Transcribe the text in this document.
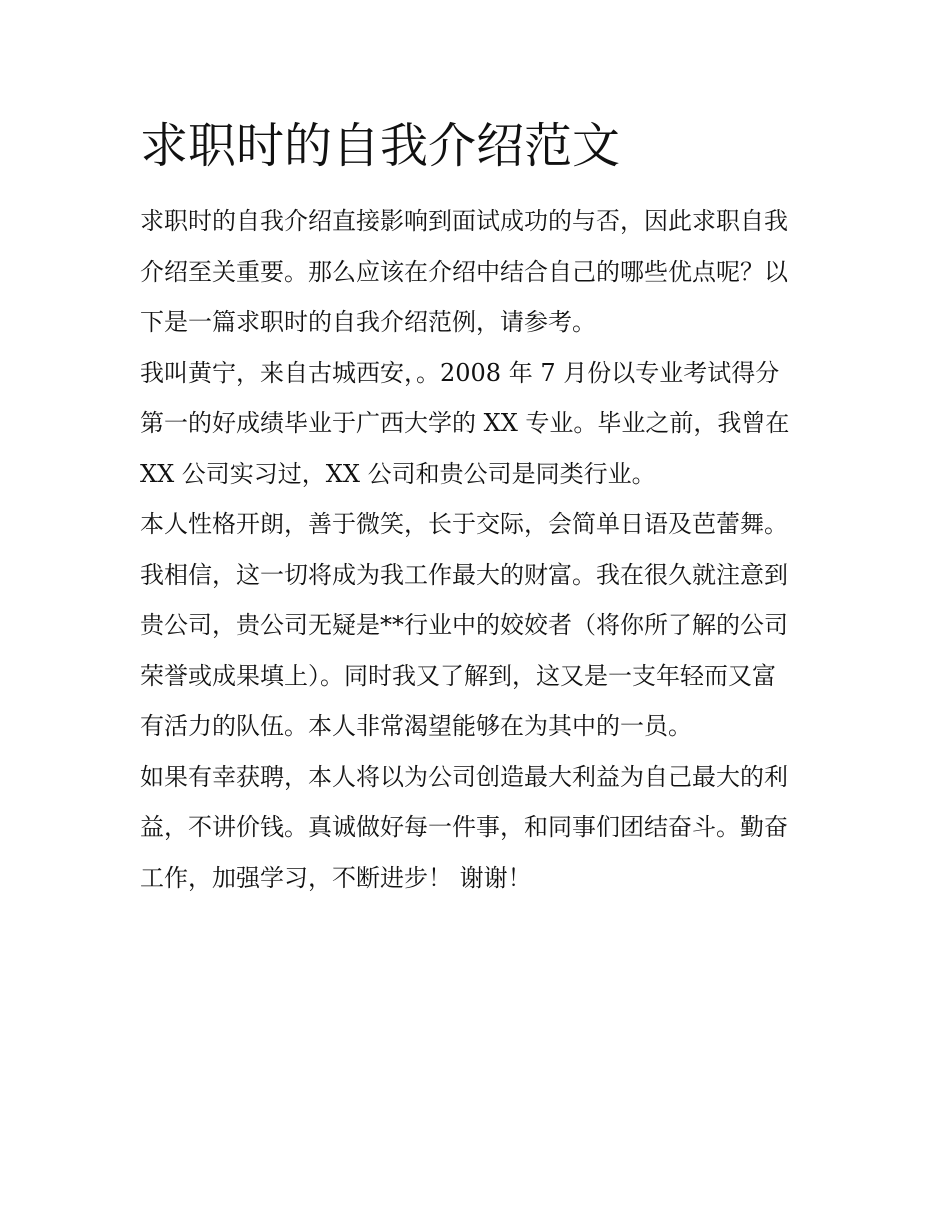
求职时的自我介绍范文
求职时的自我介绍直接影响到面试成功的与否，因此求职自我
介绍至关重要。那么应该在介绍中结合自己的哪些优点呢？以
下是一篇求职时的自我介绍范例，请参考。
我叫黄宁，来自古城西安，。2008 年 7 月份以专业考试得分
第一的好成绩毕业于广西大学的 XX 专业。毕业之前，我曾在
XX 公司实习过，XX 公司和贵公司是同类行业。
本人性格开朗，善于微笑，长于交际，会简单日语及芭蕾舞。
我相信，这一切将成为我工作最大的财富。我在很久就注意到
贵公司，贵公司无疑是**行业中的姣姣者（将你所了解的公司
荣誉或成果填上）。同时我又了解到，这又是一支年轻而又富
有活力的队伍。本人非常渴望能够在为其中的一员。
如果有幸获聘，本人将以为公司创造最大利益为自己最大的利
益，不讲价钱。真诚做好每一件事，和同事们团结奋斗。勤奋
工作，加强学习，不断进步！ 谢谢！
